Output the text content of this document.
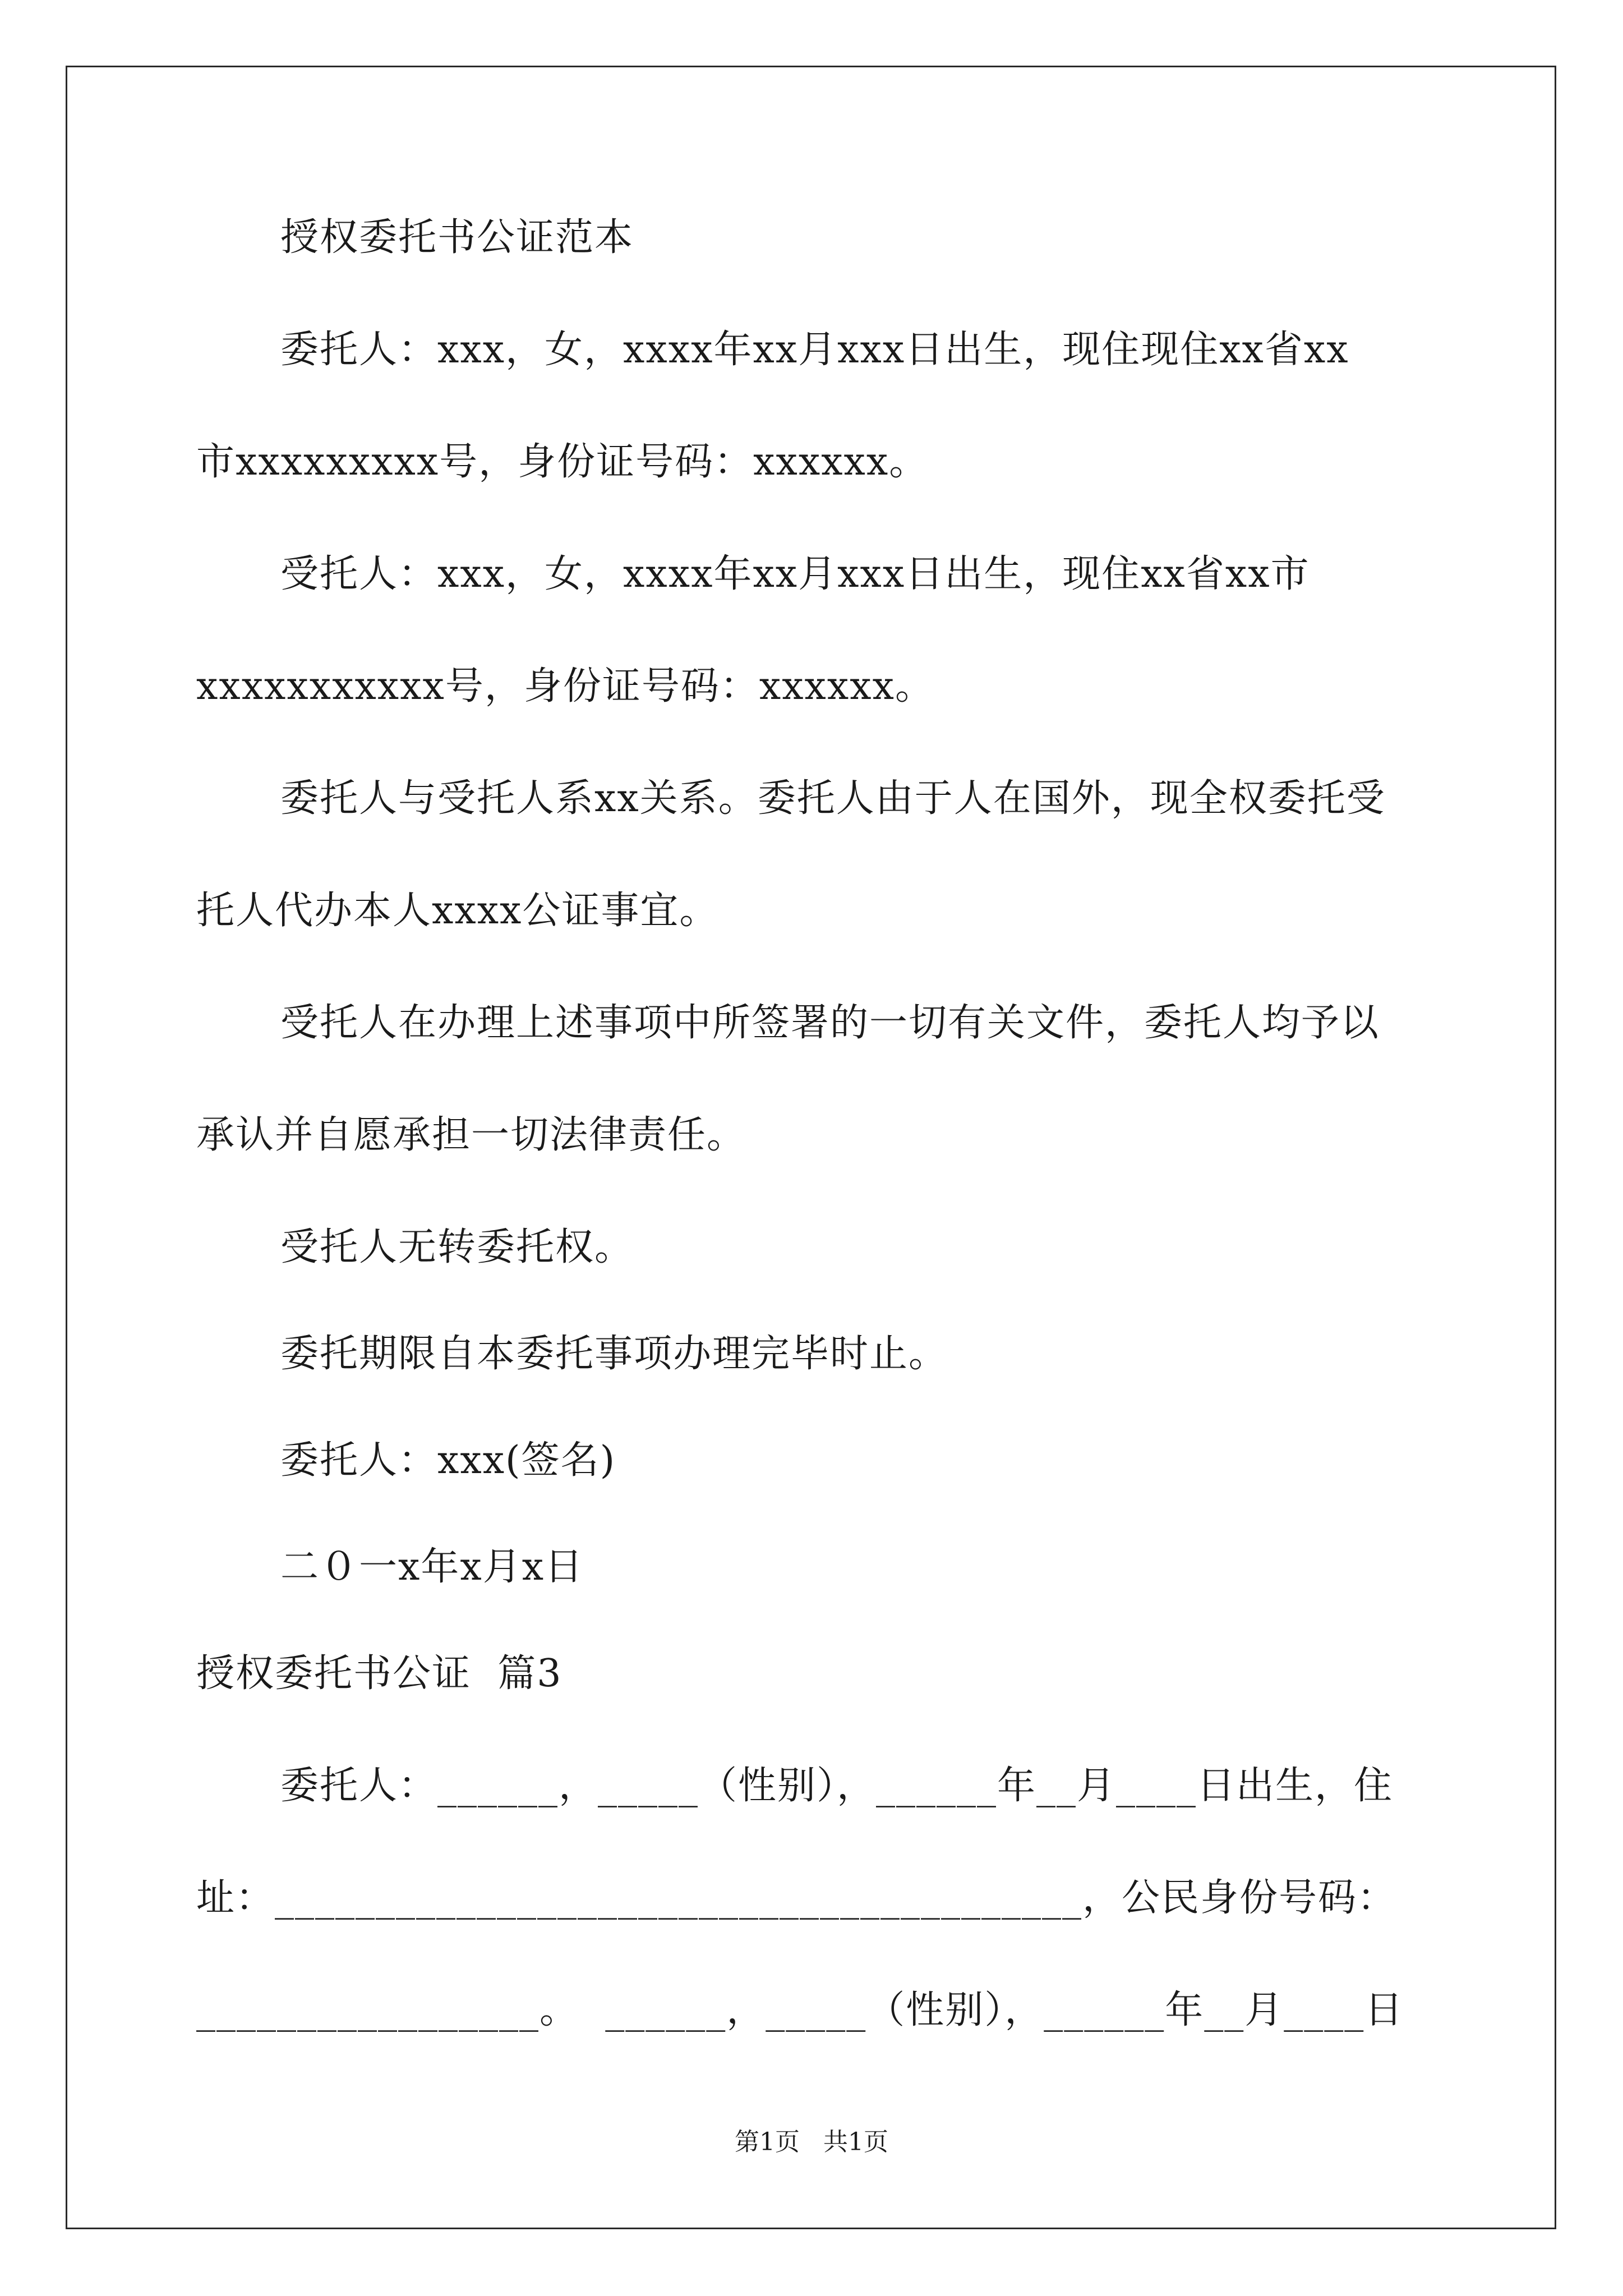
授权委托书公证范本
委托人：xxx，女，xxxx年xx月xxx日出生，现住现住xx省xx
市xxxxxxxxx号，身份证号码：xxxxxx。
受托人：xxx，女，xxxx年xx月xxx日出生，现住xx省xx市
xxxxxxxxxxx号，身份证号码：xxxxxx。
委托人与受托人系xx关系。委托人由于人在国外，现全权委托受
托人代办本人xxxx公证事宜。
受托人在办理上述事项中所签署的一切有关文件，委托人均予以
承认并自愿承担一切法律责任。
受托人无转委托权。
委托期限自本委托事项办理完毕时止。
委托人：xxx(签名)
二０一x年x月x日
授权委托书公证  篇3
委托人：______，_____（性别），______年__月____日出生，住
址：________________________________________，公民身份号码：
_________________。  ______，_____（性别），______年__月____日
第1页   共1页
